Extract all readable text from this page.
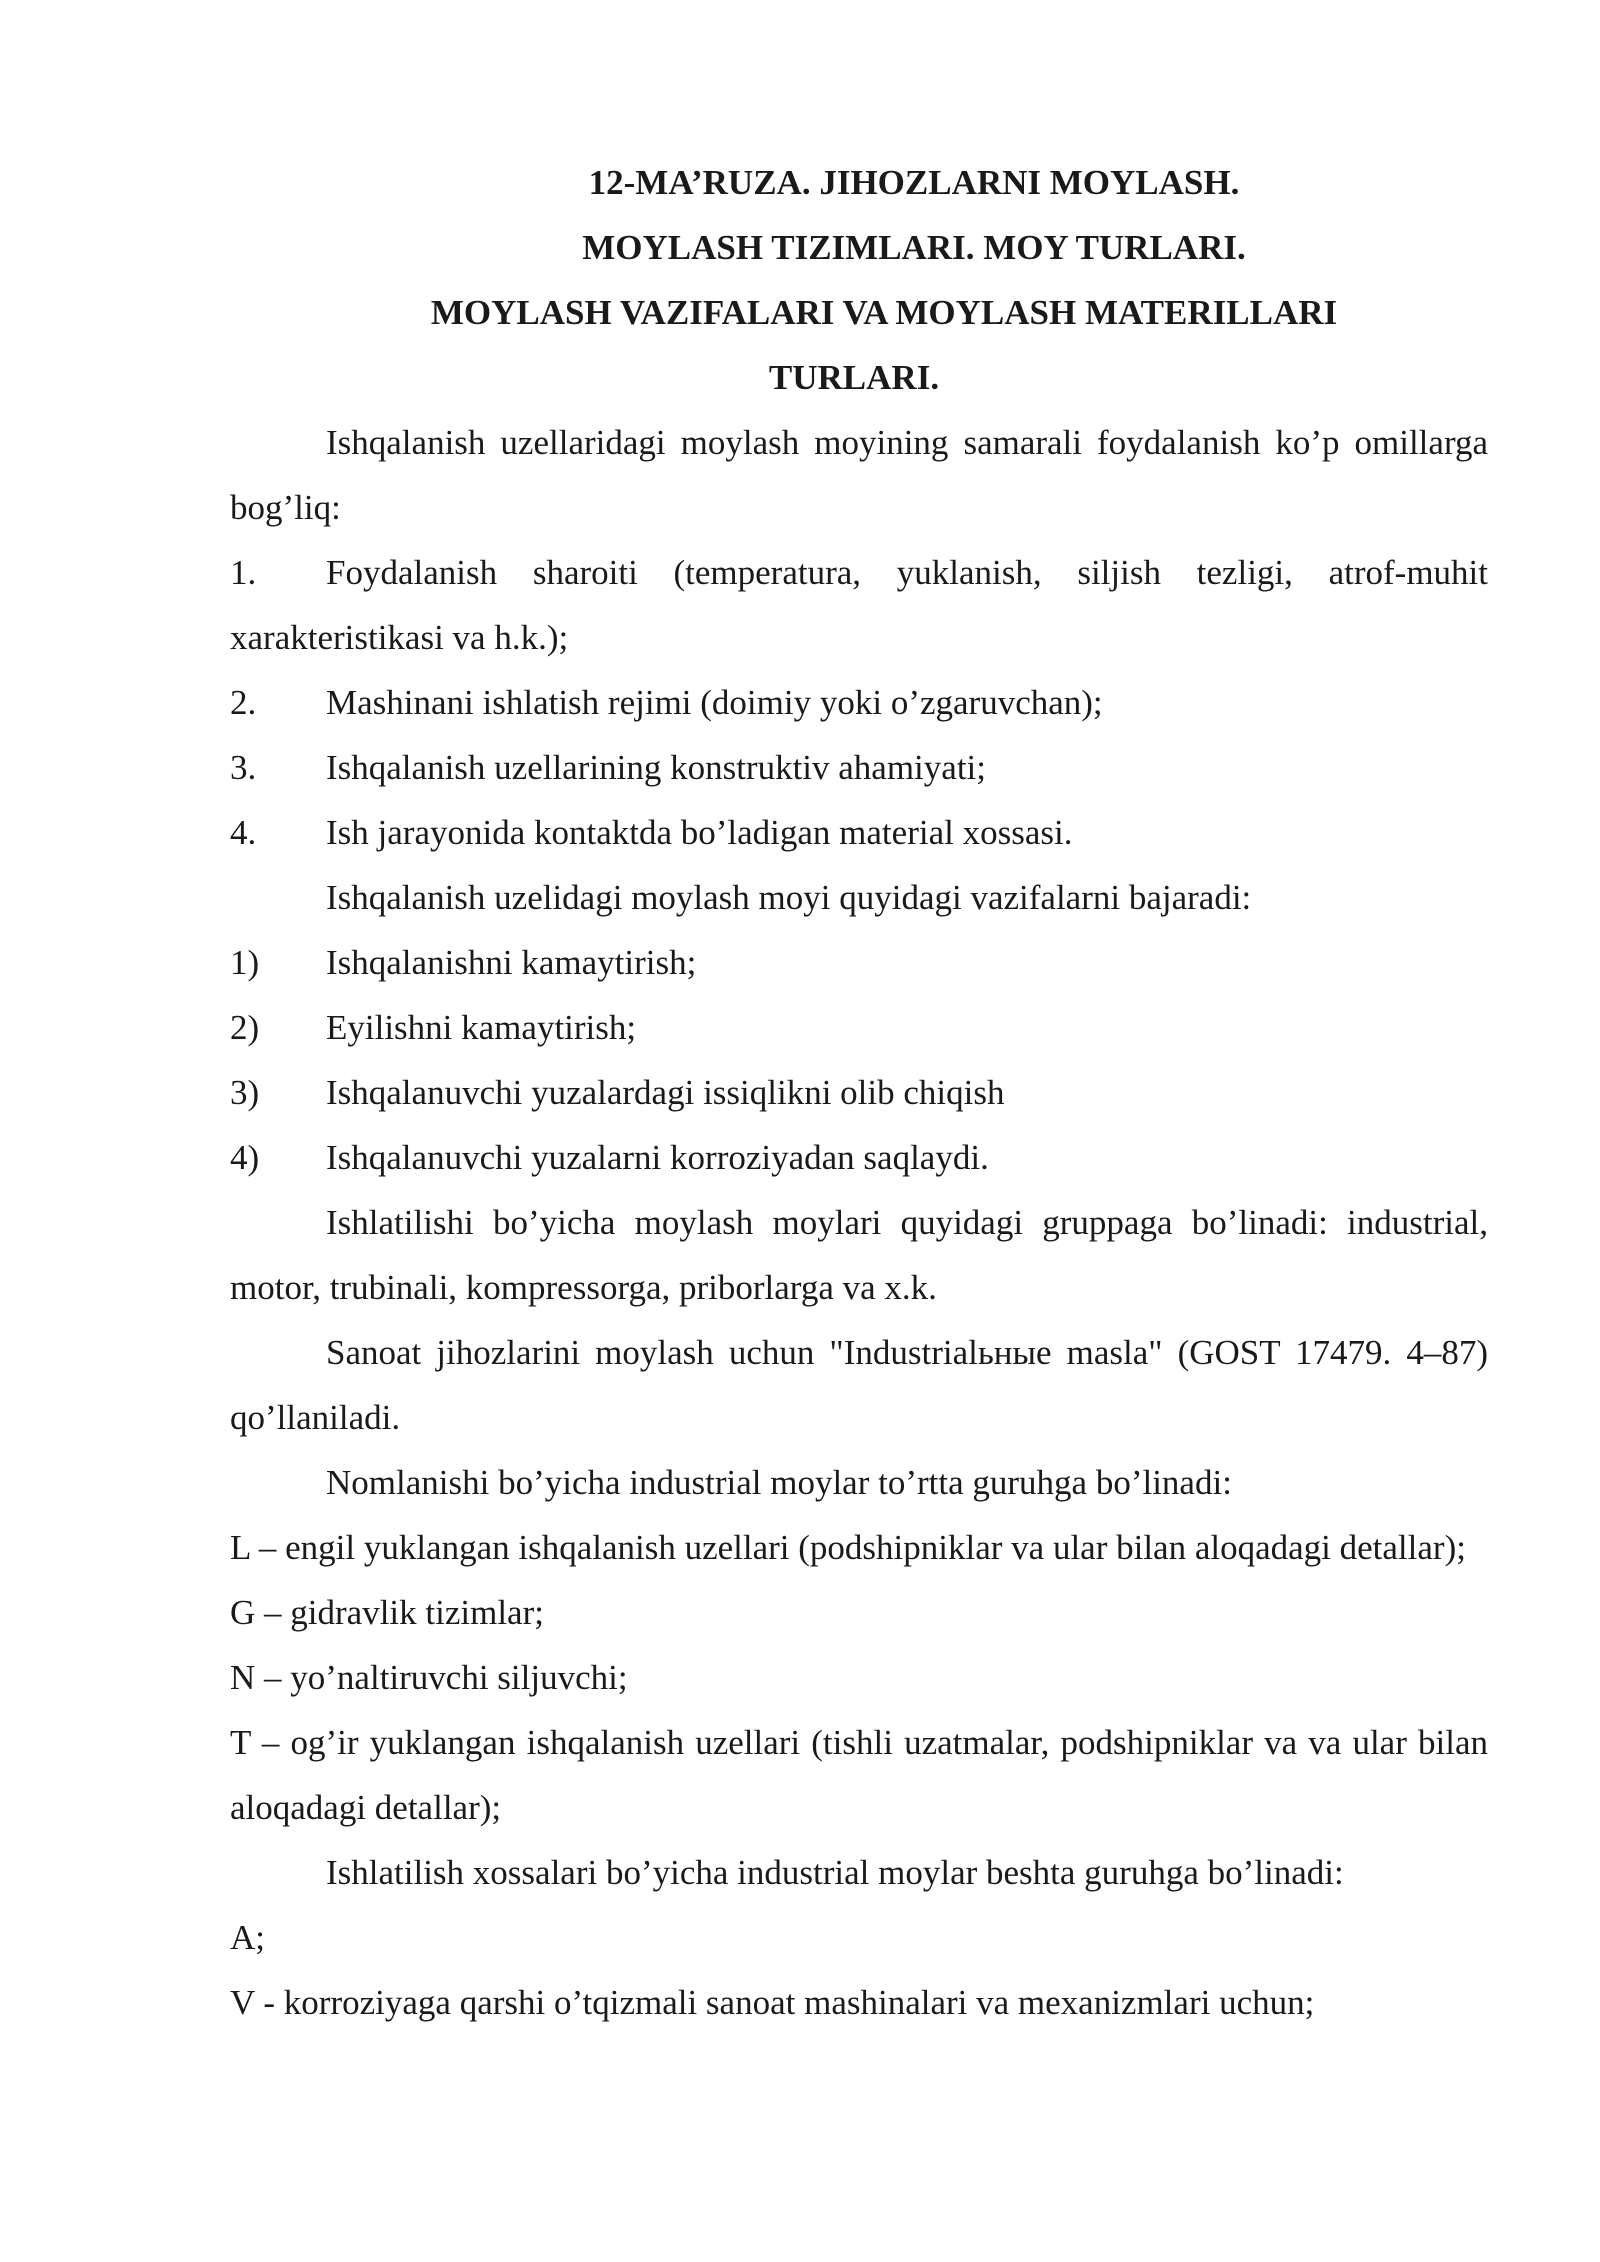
12-MA’RUZA. JIHOZLARNI MOYLASH.
MOYLASH TIZIMLARI. MOY TURLARI.
MOYLASH VAZIFALARI VA MOYLASH MATERILLARI
TURLARI.

Ishqalanish uzellaridagi moylash moyining samarali foydalanish ko’p omillarga bog’liq:

1. Foydalanish sharoiti (temperatura, yuklanish, siljish tezligi, atrof-muhit xarakteristikasi va h.k.);
2.	Mashinani ishlatish rejimi (doimiy yoki o’zgaruvchan);
3.	Ishqalanish uzellarining konstruktiv ahamiyati;
4.	Ish jarayonida kontaktda bo’ladigan material xossasi.

Ishqalanish uzelidagi moylash moyi quyidagi vazifalarni bajaradi:

1)	Ishqalanishni kamaytirish;
2)	Eyilishni kamaytirish;
3)	Ishqalanuvchi yuzalardagi issiqlikni olib chiqish
4)	Ishqalanuvchi yuzalarni korroziyadan saqlaydi.

Ishlatilishi bo’yicha moylash moylari quyidagi gruppaga bo’linadi: industrial, motor, trubinali, kompressorga, priborlarga va x.k.

Sanoat jihozlarini moylash uchun "Industrialьные masla" (GOST 17479. 4–87) qo’llaniladi.

Nomlanishi bo’yicha industrial moylar to’rtta guruhga bo’linadi:

L – engil yuklangan ishqalanish uzellari (podshipniklar va ular bilan aloqadagi detallar);

G – gidravlik tizimlar;

N – yo’naltiruvchi siljuvchi;

T – og’ir yuklangan ishqalanish uzellari (tishli uzatmalar, podshipniklar va va ular bilan aloqadagi detallar);

Ishlatilish xossalari bo’yicha industrial moylar beshta guruhga bo’linadi:

A;

V - korroziyaga qarshi o’tqizmali sanoat mashinalari va mexanizmlari uchun;
